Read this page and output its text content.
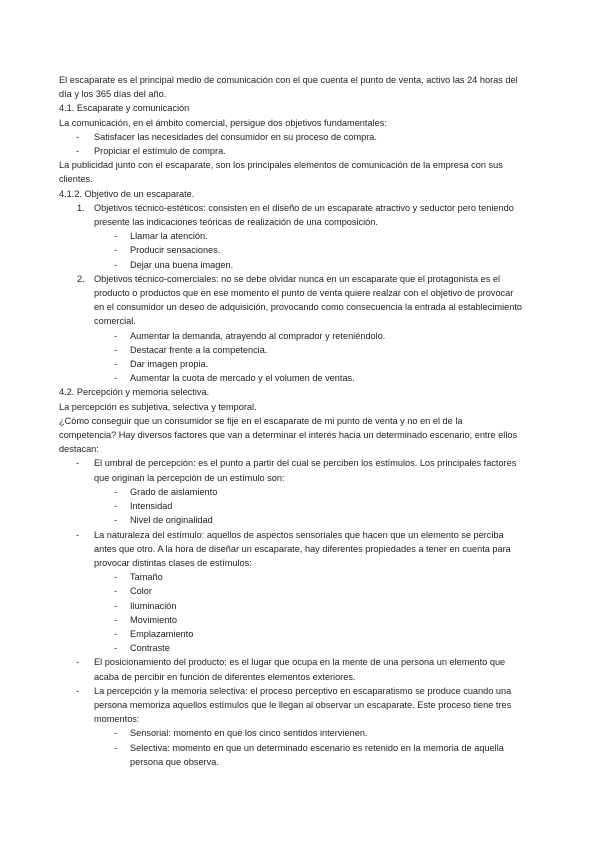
El escaparate es el principal medio de comunicación con el que cuenta el punto de venta, activo las 24 horas del día y los 365 días del año.

4.1. Escaparate y comunicación

La comunicación, en el ámbito comercial, persigue dos objetivos fundamentales:

- Satisfacer las necesidades del consumidor en su proceso de compra.
- Propiciar el estímulo de compra.

La publicidad junto con el escaparate, son los principales elementos de comunicación de la empresa con sus clientes.

4.1.2. Objetivo de un escaparate.

1. Objetivos técnico-estéticos: consisten en el diseño de un escaparate atractivo y seductor pero teniendo presente las indicaciones teóricas de realización de una composición.
- Llamar la atención.
- Producir sensaciones.
- Dejar una buena imagen.
2. Objetivos técnico-comerciales: no se debe olvidar nunca en un escaparate que el protagonista es el producto o productos que en ese momento el punto de venta quiere realzar con el objetivo de provocar en el consumidor un deseo de adquisición, provocando como consecuencia la entrada al establecimiento comercial.
- Aumentar la demanda, atrayendo al comprador y reteniéndolo.
- Destacar frente a la competencia.
- Dar imagen propia.
- Aumentar la cuota de mercado y el volumen de ventas.

4.2. Percepción y memoria selectiva.

La percepción es subjetiva, selectiva y temporal.

¿Cómo conseguir que un consumidor se fije en el escaparate de mi punto de venta y no en el de la competencia? Hay diversos factores que van a determinar el interés hacia un determinado escenario, entre ellos destacan:

- El umbral de percepción: es el punto a partir del cual se perciben los estímulos. Los principales factores que originan la percepción de un estímulo son:
- Grado de aislamiento
- Intensidad
- Nivel de originalidad
- La naturaleza del estímulo: aquellos de aspectos sensoriales que hacen que un elemento se perciba antes que otro. A la hora de diseñar un escaparate, hay diferentes propiedades a tener en cuenta para provocar distintas clases de estímulos:
- Tamaño
- Color
- Iluminación
- Movimiento
- Emplazamiento
- Contraste
- El posicionamiento del producto: es el lugar que ocupa en la mente de una persona un elemento que acaba de percibir en función de diferentes elementos exteriores.
- La percepción y la memoria selectiva: el proceso perceptivo en escaparatismo se produce cuando una persona memoriza aquellos estímulos que le llegan al observar un escaparate. Este proceso tiene tres momentos:
- Sensorial: momento en que los cinco sentidos intervienen.
- Selectiva: momento en que un determinado escenario es retenido en la memoria de aquella persona que observa.
